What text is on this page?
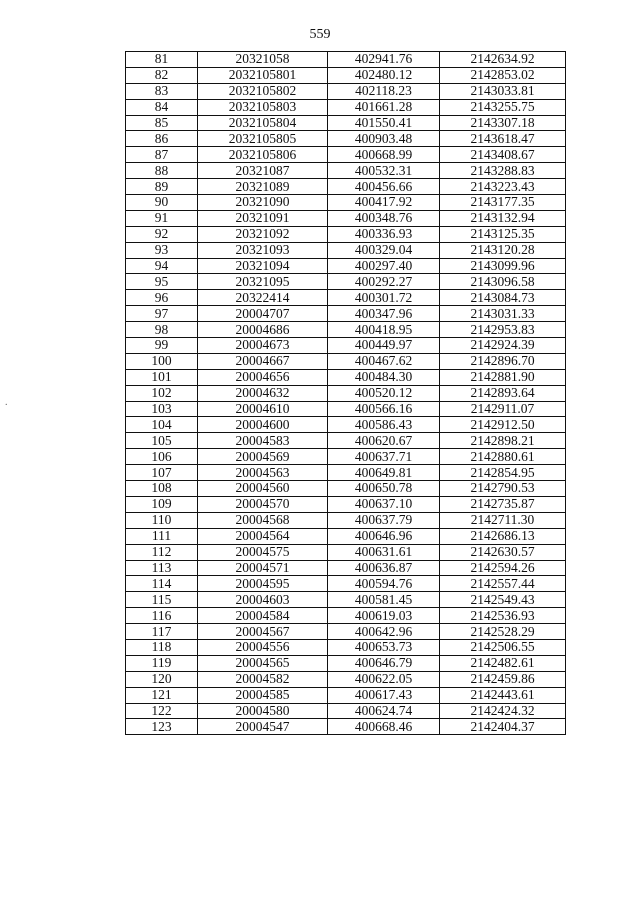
559
.
81	20321058	402941.76	2142634.92
82	2032105801	402480.12	2142853.02
83	2032105802	402118.23	2143033.81
84	2032105803	401661.28	2143255.75
85	2032105804	401550.41	2143307.18
86	2032105805	400903.48	2143618.47
87	2032105806	400668.99	2143408.67
88	20321087	400532.31	2143288.83
89	20321089	400456.66	2143223.43
90	20321090	400417.92	2143177.35
91	20321091	400348.76	2143132.94
92	20321092	400336.93	2143125.35
93	20321093	400329.04	2143120.28
94	20321094	400297.40	2143099.96
95	20321095	400292.27	2143096.58
96	20322414	400301.72	2143084.73
97	20004707	400347.96	2143031.33
98	20004686	400418.95	2142953.83
99	20004673	400449.97	2142924.39
100	20004667	400467.62	2142896.70
101	20004656	400484.30	2142881.90
102	20004632	400520.12	2142893.64
103	20004610	400566.16	2142911.07
104	20004600	400586.43	2142912.50
105	20004583	400620.67	2142898.21
106	20004569	400637.71	2142880.61
107	20004563	400649.81	2142854.95
108	20004560	400650.78	2142790.53
109	20004570	400637.10	2142735.87
110	20004568	400637.79	2142711.30
111	20004564	400646.96	2142686.13
112	20004575	400631.61	2142630.57
113	20004571	400636.87	2142594.26
114	20004595	400594.76	2142557.44
115	20004603	400581.45	2142549.43
116	20004584	400619.03	2142536.93
117	20004567	400642.96	2142528.29
118	20004556	400653.73	2142506.55
119	20004565	400646.79	2142482.61
120	20004582	400622.05	2142459.86
121	20004585	400617.43	2142443.61
122	20004580	400624.74	2142424.32
123	20004547	400668.46	2142404.37
